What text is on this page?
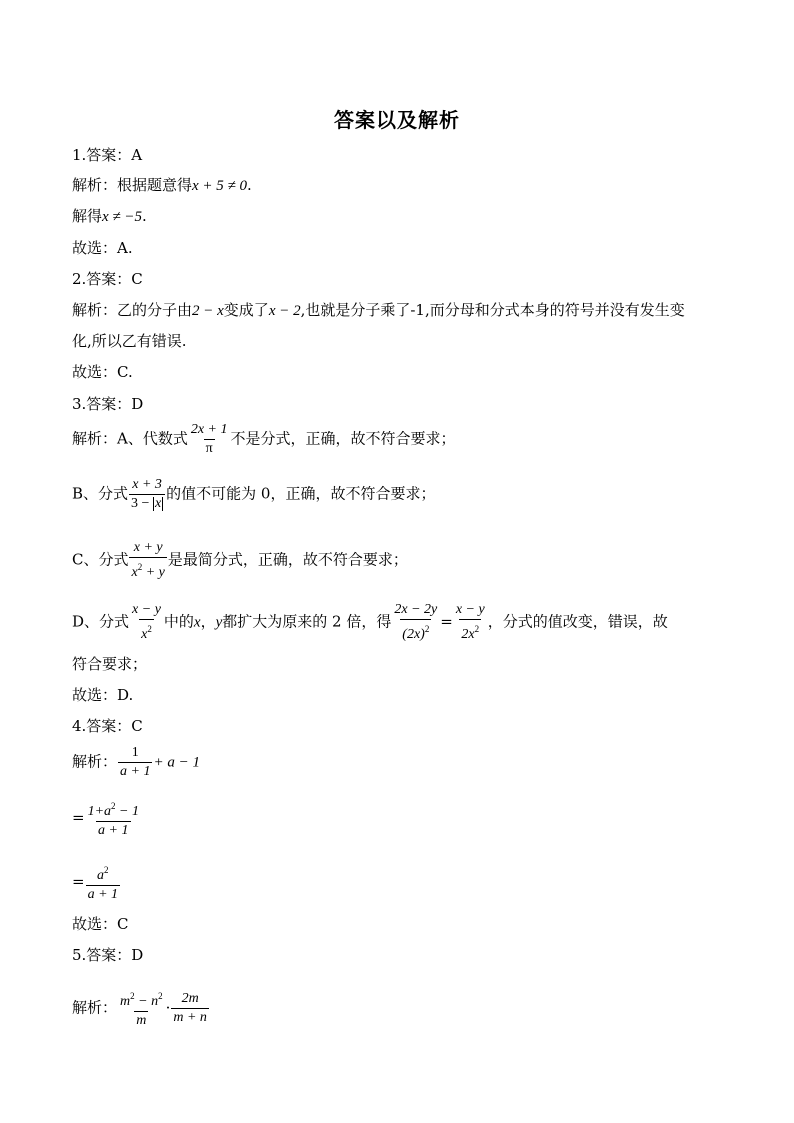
答案以及解析
1.答案：A
解析：根据题意得x + 5 ≠ 0.
解得x ≠ −5.
故选：A.
2.答案：C
解析：乙的分子由2 − x变成了x − 2,也就是分子乘了-1,而分母和分式本身的符号并没有发生变
化,所以乙有错误.
故选：C.
3.答案：D
解析：A、代数式 $\frac{2x + 1}{\pi}$ 不是分式，正确，故不符合要求；
B、分式 $\frac{x + 3}{3 - x}$ 的值不可能为 0，正确，故不符合要求；
C、分式 $\frac{x + y}{x^2 + y}$ 是最简分式，正确，故不符合要求；
D、分式 $\frac{x - y}{x^2}$ 中的x，y都扩大为原来的 2 倍，得 $\frac{2x - 2y}{(2x)^2} = \frac{x - y}{2x^2}$ ，分式的值改变，错误，故
符合要求；
故选：D.
4.答案：C
解析： $\frac{1}{a + 1} + a - 1$
= $\frac{1+a^2 - 1}{a + 1}$
= $\frac{a^2}{a + 1}$
故选：C
5.答案：D
解析： $\frac{m^2 - n^2}{m} \cdot \frac{2m}{m + n}$
